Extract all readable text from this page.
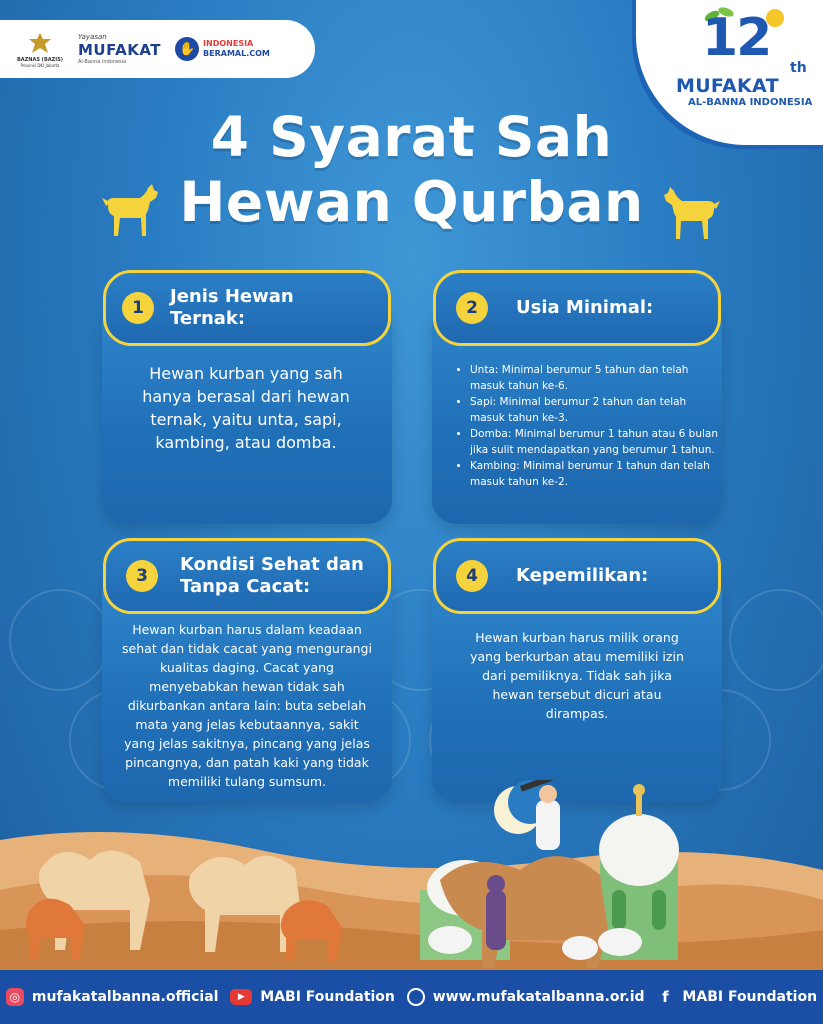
BAZNAS (BAZIS)
Provinsi DKI Jakarta
Yayasan
MUFAKAT
Al-Banna Indonesia
✋ INDONESIA
BERAMAL.COM	12 th
MUFAKAT
AL-BANNA INDONESIA
4 Syarat Sah
Hewan Qurban
1
Jenis Hewan Ternak:
Hewan kurban yang sah hanya berasal dari hewan ternak, yaitu unta, sapi, kambing, atau domba.
2	Usia Minimal:
• Unta: Minimal berumur 5 tahun dan telah masuk tahun ke-6.
• Sapi: Minimal berumur 2 tahun dan telah masuk tahun ke-3.
• Domba: Minimal berumur 1 tahun atau 6 bulan jika sulit mendapatkan yang berumur 1 tahun.
• Kambing: Minimal berumur 1 tahun dan telah masuk tahun ke-2.
3
Kondisi Sehat dan Tanpa Cacat:
Hewan kurban harus dalam keadaan sehat dan tidak cacat yang mengurangi kualitas daging. Cacat yang menyebabkan hewan tidak sah dikurbankan antara lain: buta sebelah mata yang jelas kebutaannya, sakit yang jelas sakitnya, pincang yang jelas pincangnya, dan patah kaki yang tidak memiliki tulang sumsum.
4	Kepemilikan:
Hewan kurban harus milik orang yang berkurban atau memiliki izin dari pemiliknya. Tidak sah jika hewan tersebut dicuri atau dirampas.
◎ mufakatalbanna.official	▶	MABI Foundation	www.mufakatalbanna.or.id	f MABI Foundation
